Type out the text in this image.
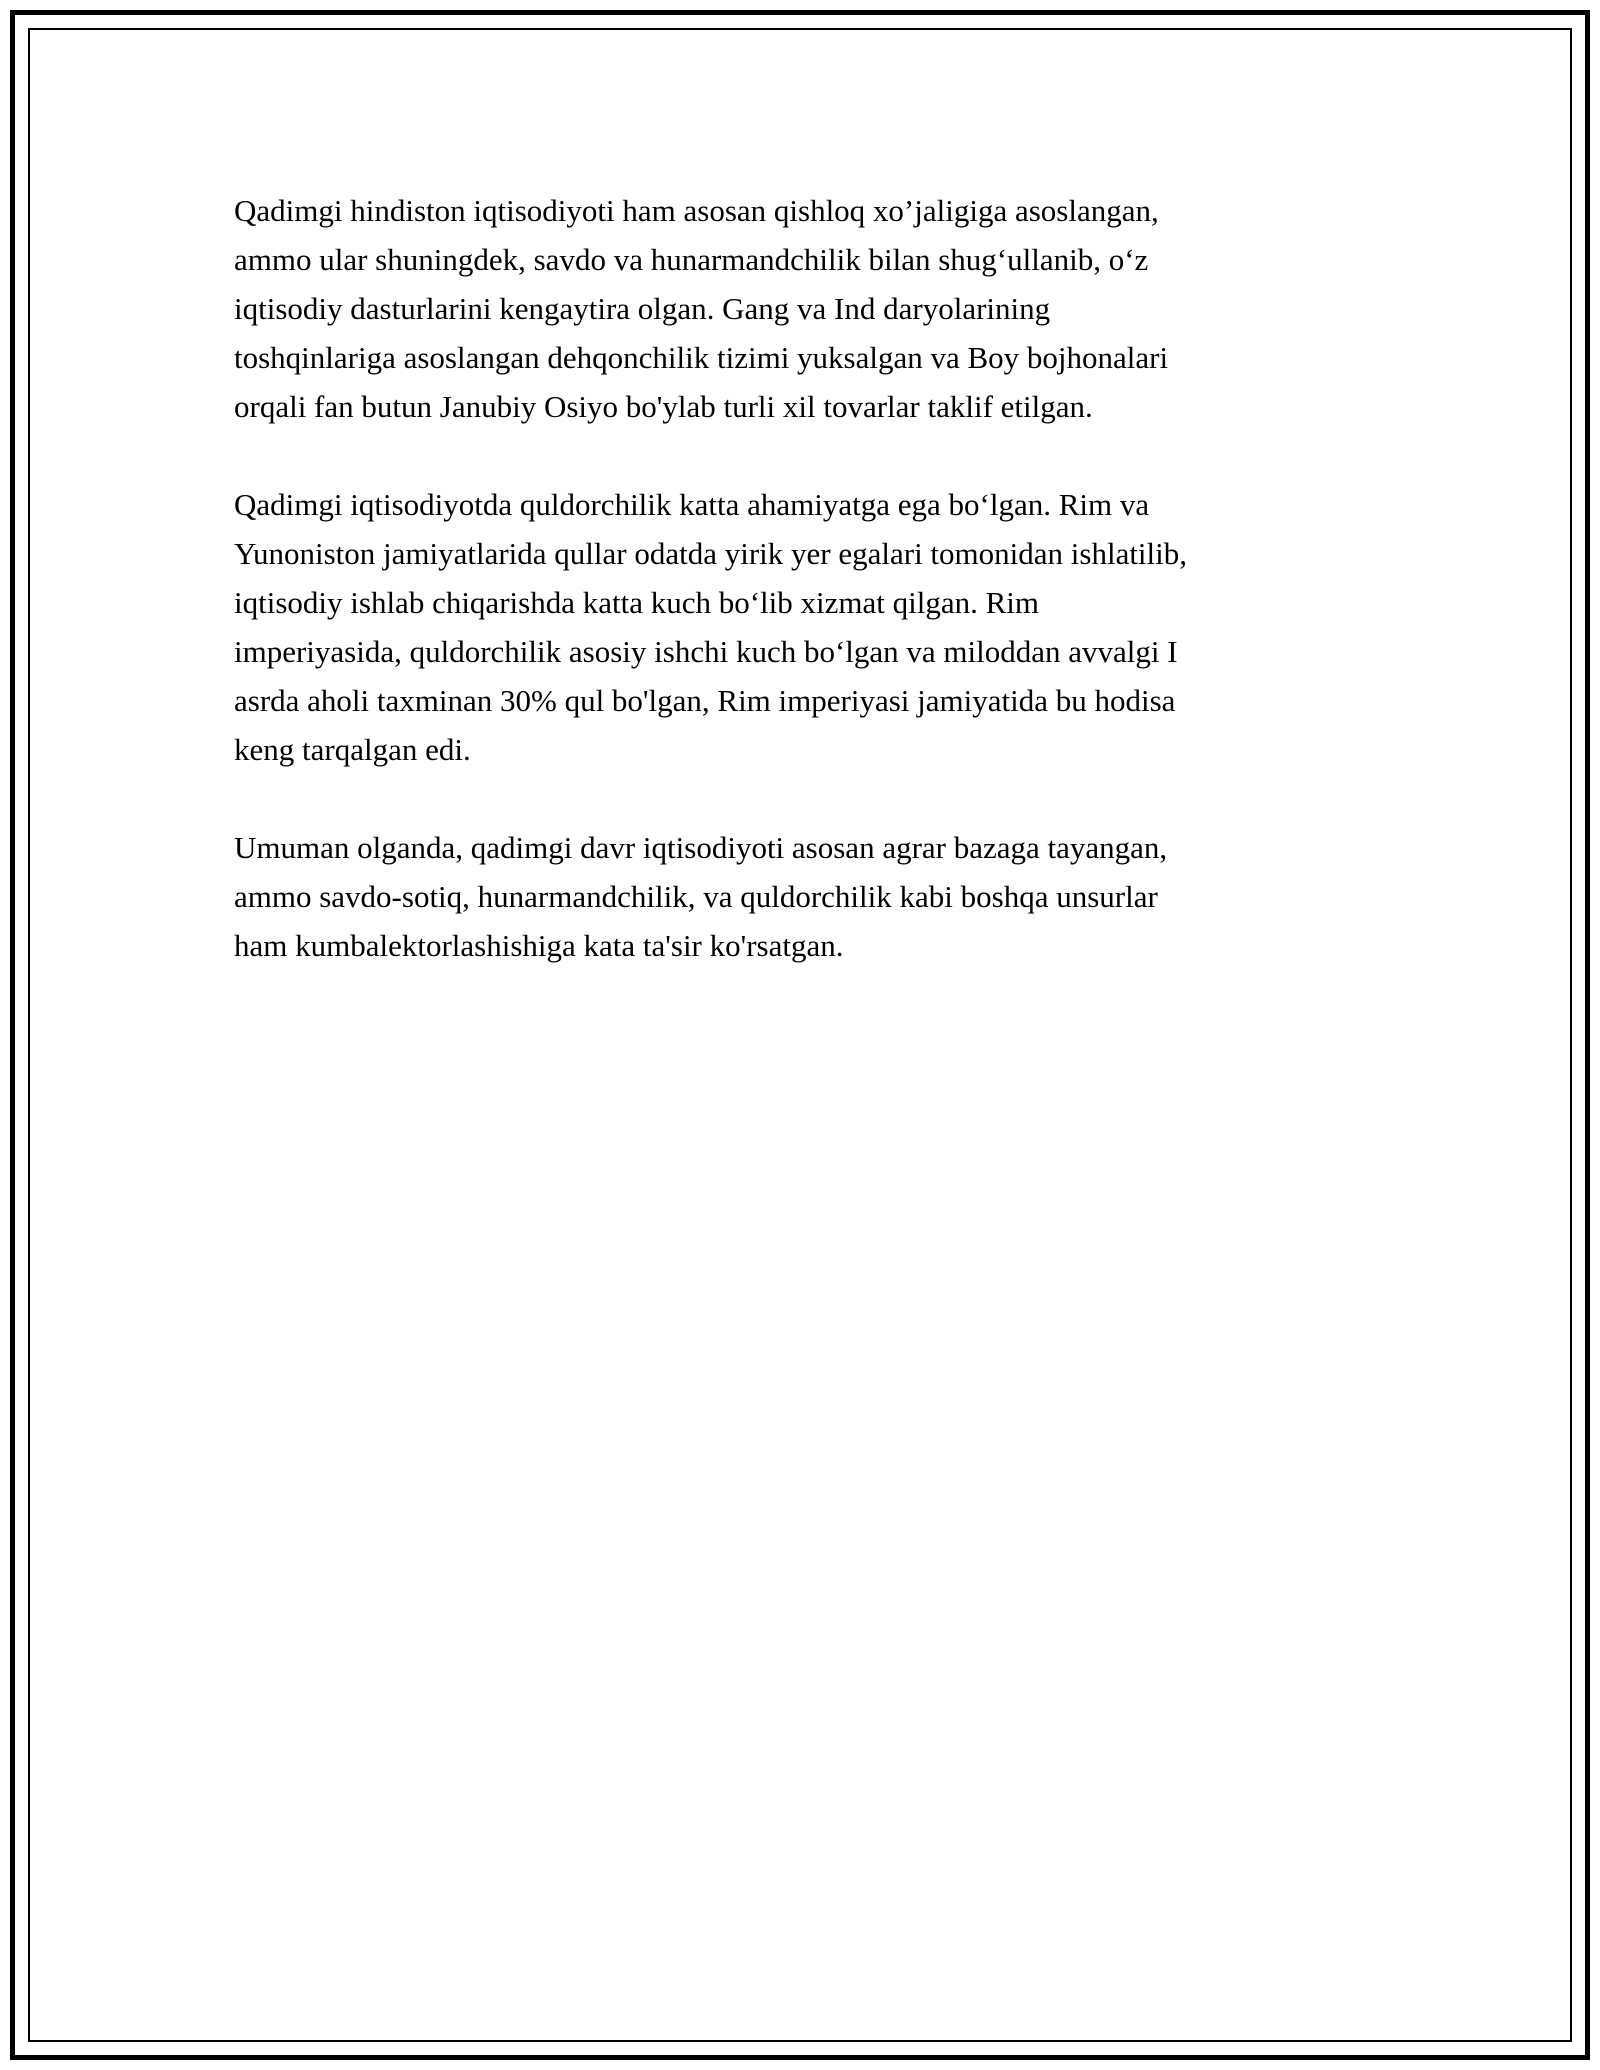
Qadimgi hindiston iqtisodiyoti ham asosan qishloq xo’jaligiga asoslangan,
ammo ular shuningdek, savdo va hunarmandchilik bilan shug‘ullanib, o‘z
iqtisodiy dasturlarini kengaytira olgan. Gang va Ind daryolarining
toshqinlariga asoslangan dehqonchilik tizimi yuksalgan va Boy bojhonalari
orqali fan butun Janubiy Osiyo bo'ylab turli xil tovarlar taklif etilgan.

Qadimgi iqtisodiyotda quldorchilik katta ahamiyatga ega bo‘lgan. Rim va
Yunoniston jamiyatlarida qullar odatda yirik yer egalari tomonidan ishlatilib,
iqtisodiy ishlab chiqarishda katta kuch bo‘lib xizmat qilgan. Rim
imperiyasida, quldorchilik asosiy ishchi kuch bo‘lgan va miloddan avvalgi I
asrda aholi taxminan 30% qul bo'lgan, Rim imperiyasi jamiyatida bu hodisa
keng tarqalgan edi.

Umuman olganda, qadimgi davr iqtisodiyoti asosan agrar bazaga tayangan,
ammo savdo-sotiq, hunarmandchilik, va quldorchilik kabi boshqa unsurlar
ham kumbalektorlashishiga kata ta'sir ko'rsatgan.
